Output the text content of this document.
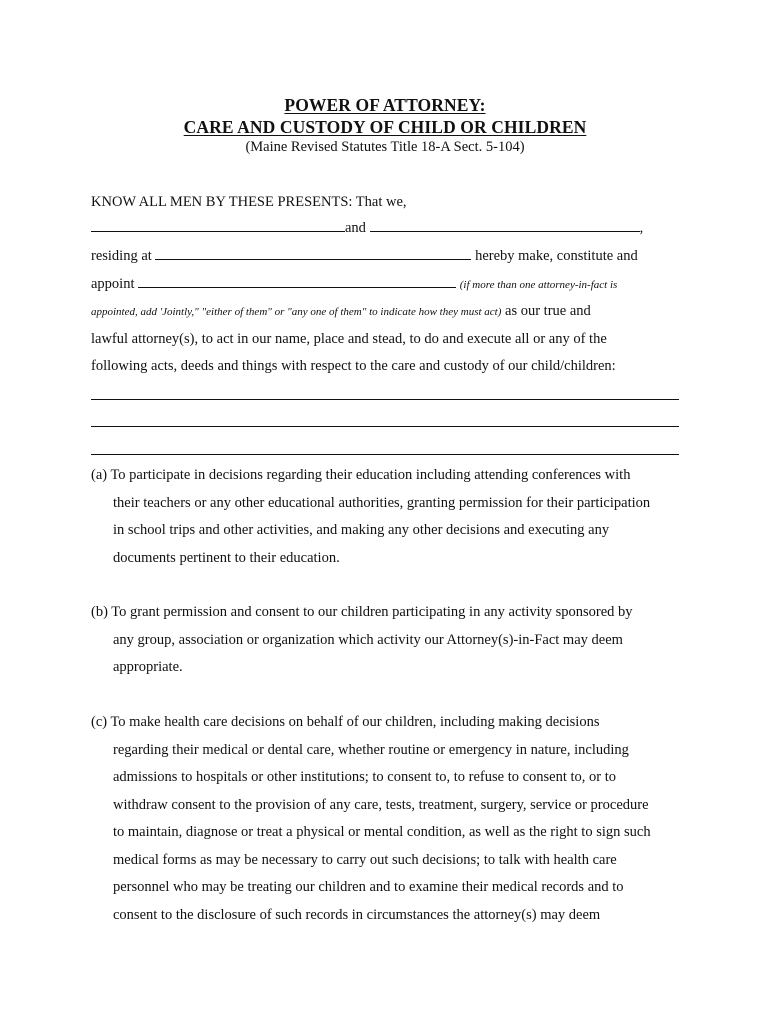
POWER OF ATTORNEY:
CARE AND CUSTODY OF CHILD OR CHILDREN
(Maine Revised Statutes Title 18-A Sect. 5-104)
KNOW ALL MEN BY THESE PRESENTS: That we,
and	,
residing at	hereby make, constitute and
appoint	(if more than one attorney-in-fact is
appointed, add 'Jointly," "either of them" or "any one of them" to indicate how they must act) as our true and
lawful attorney(s), to act in our name, place and stead, to do and execute all or any of the
following acts, deeds and things with respect to the care and custody of our child/children:
(a) To participate in decisions regarding their education including attending conferences with
their teachers or any other educational authorities, granting permission for their participation
in school trips and other activities, and making any other decisions and executing any
documents pertinent to their education.
(b) To grant permission and consent to our children participating in any activity sponsored by
any group, association or organization which activity our Attorney(s)-in-Fact may deem
appropriate.
(c) To make health care decisions on behalf of our children, including making decisions
regarding their medical or dental care, whether routine or emergency in nature, including
admissions to hospitals or other institutions; to consent to, to refuse to consent to, or to
withdraw consent to the provision of any care, tests, treatment, surgery, service or procedure
to maintain, diagnose or treat a physical or mental condition, as well as the right to sign such
medical forms as may be necessary to carry out such decisions; to talk with health care
personnel who may be treating our children and to examine their medical records and to
consent to the disclosure of such records in circumstances the attorney(s) may deem
